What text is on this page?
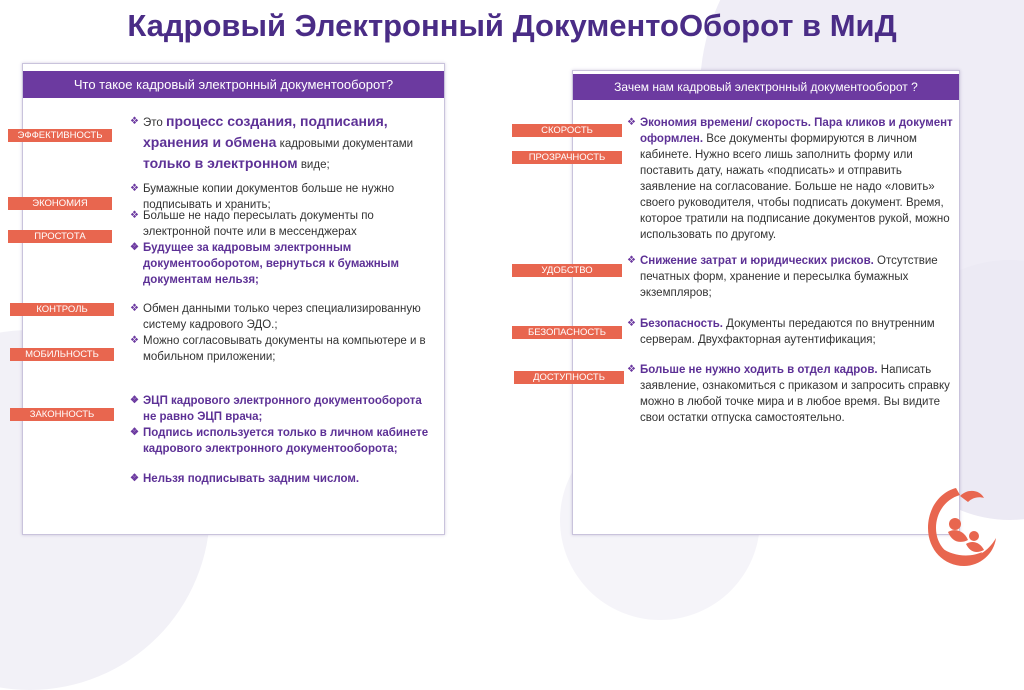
Кадровый Электронный ДокументоОборот в МиД
Что такое кадровый электронный документооборот?
❖ Это процесс создания, подписания, хранения и обмена кадровыми документами только в электронном виде;
❖ Бумажные копии документов больше не нужно подписывать и хранить;
❖ Больше не надо пересылать документы по электронной почте или в мессенджерах
❖ Будущее за кадровым электронным документооборотом, вернуться к бумажным документам нельзя;
❖ Обмен данными только через специализированную систему кадрового ЭДО.;
❖ Можно согласовывать документы на компьютере и в мобильном приложении;
❖ ЭЦП кадрового электронного документооборота не равно ЭЦП врача;
❖ Подпись используется только в личном кабинете кадрового электронного документооборота;
❖ Нельзя подписывать задним числом.
ЭФФЕКТИВНОСТЬ
ЭКОНОМИЯ
ПРОСТОТА
КОНТРОЛЬ
МОБИЛЬНОСТЬ
ЗАКОННОСТЬ
Зачем нам кадровый электронный документооборот ?
❖ Экономия времени/ скорость. Пара кликов и документ оформлен. Все документы формируются в личном кабинете. Нужно всего лишь заполнить форму или поставить дату, нажать «подписать» и отправить заявление на согласование. Больше не надо «ловить» своего руководителя, чтобы подписать документ. Время, которое тратили на подписание документов рукой, можно использовать по другому.
❖ Снижение затрат и юридических рисков. Отсутствие печатных форм, хранение и пересылка бумажных экземпляров;
❖ Безопасность. Документы передаются по внутренним серверам. Двухфакторная аутентификация;
❖ Больше не нужно ходить в отдел кадров. Написать заявление, ознакомиться с приказом и запросить справку можно в любой точке мира и в любое время. Вы видите свои остатки отпуска самостоятельно.
СКОРОСТЬ
ПРОЗРАЧНОСТЬ
УДОБСТВО
БЕЗОПАСНОСТЬ
ДОСТУПНОСТЬ
